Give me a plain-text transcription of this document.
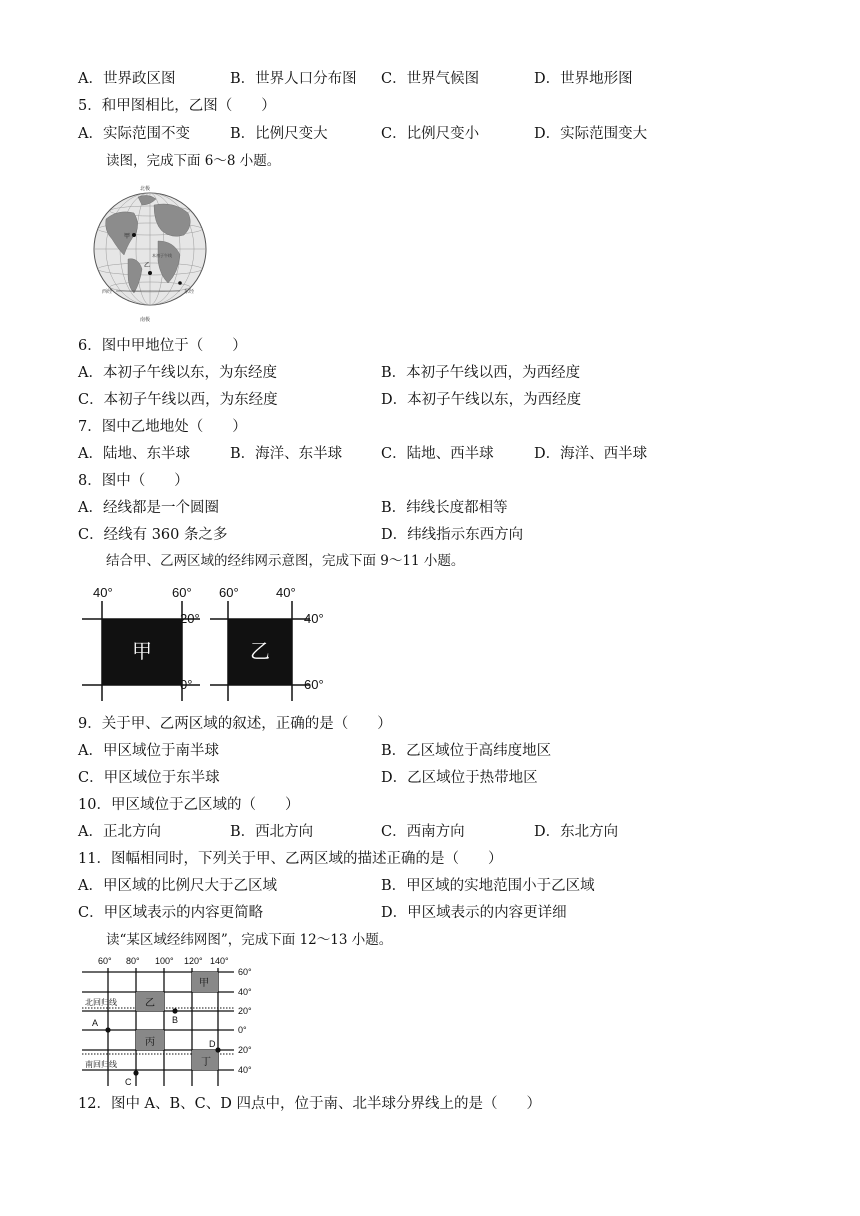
A．世界政区图	B．世界人口分布图 C．世界气候图	D．世界地形图
5．和甲图相比，乙图（　　）
A．实际范围不变	B．比例尺变大	C．比例尺变小	D．实际范围变大
读图，完成下面 6～8 小题。
甲
乙
西经	东经
南极
北极
本初子午线
6．图中甲地位于（　　）
A．本初子午线以东，为东经度	B．本初子午线以西，为西经度
C．本初子午线以西，为东经度	D．本初子午线以东，为西经度
7．图中乙地地处（　　）
A．陆地、东半球	B．海洋、东半球	C．陆地、西半球	D．海洋、西半球
8．图中（　　）
A．经线都是一个圆圈	B．纬线长度都相等
C．经线有 360 条之多	D．纬线指示东西方向
结合甲、乙两区域的经纬网示意图，完成下面 9～11 小题。
40°	60°
20°
0°
甲
60°	40°
40°
60°
乙
9．关于甲、乙两区域的叙述，正确的是（　　）
A．甲区域位于南半球	B．乙区域位于高纬度地区
C．甲区域位于东半球	D．乙区域位于热带地区
10．甲区域位于乙区域的（　　）
A．正北方向	B．西北方向	C．西南方向	D．东北方向
11．图幅相同时，下列关于甲、乙两区域的描述正确的是（　　）
A．甲区域的比例尺大于乙区域	B．甲区域的实地范围小于乙区域
C．甲区域表示的内容更简略	D．甲区域表示的内容更详细
读“某区域经纬网图”，完成下面 12～13 小题。
60° 80° 100° 120° 140°
60°
40°
20°
0°
20°
40°
甲
乙
丙
丁
北回归线
南回归线
A	B
C
D
12．图中 A、B、C、D 四点中，位于南、北半球分界线上的是（　　）
